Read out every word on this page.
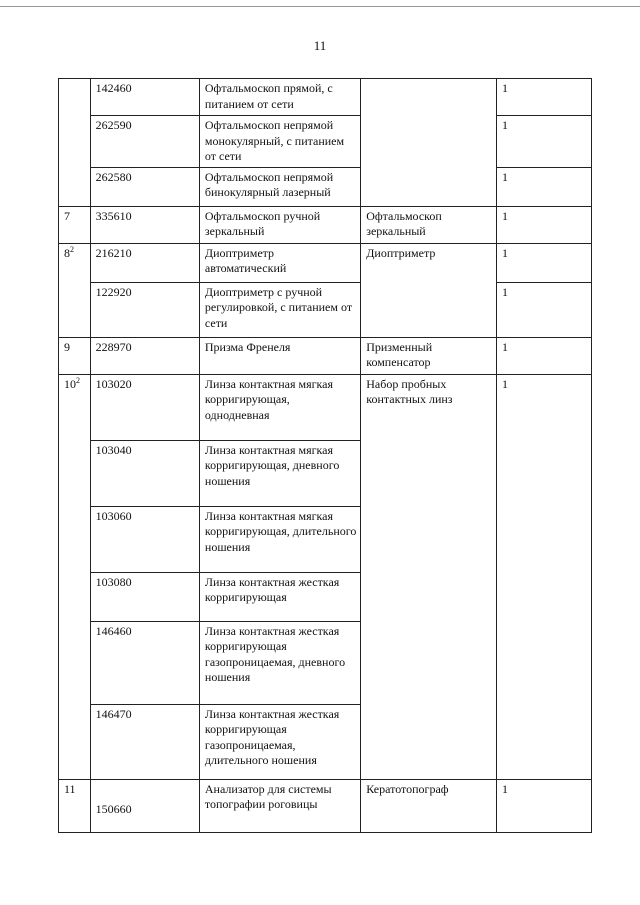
11
	142460	Офтальмоскоп прямой, с питанием от сети		1
	262590	Офтальмоскоп непрямой монокулярный, с питанием от сети		1
	262580	Офтальмоскоп непрямой бинокулярный лазерный		1
7	335610	Офтальмоскоп ручной зеркальный	Офтальмоскоп зеркальный	1
$8^2$	216210	Диоптриметр автоматический	Диоптриметр	1
	122920	Диоптриметр с ручной регулировкой, с питанием от сети		1
9	228970	Призма Френеля	Призменный компенсатор	1
$10^2$	103020	Линза контактная мягкая корригирующая, однодневная	Набор пробных контактных линз	1
	103040	Линза контактная мягкая корригирующая, дневного ношения		
	103060	Линза контактная мягкая корригирующая, длительного ношения		
	103080	Линза контактная жесткая корригирующая		
	146460	Линза контактная жесткая корригирующая газопроницаемая, дневного ношения		
	146470	Линза контактная жесткая корригирующая газопроницаемая, длительного ношения		
11	150660	Анализатор для системы топографии роговицы	Кератотопограф	1
